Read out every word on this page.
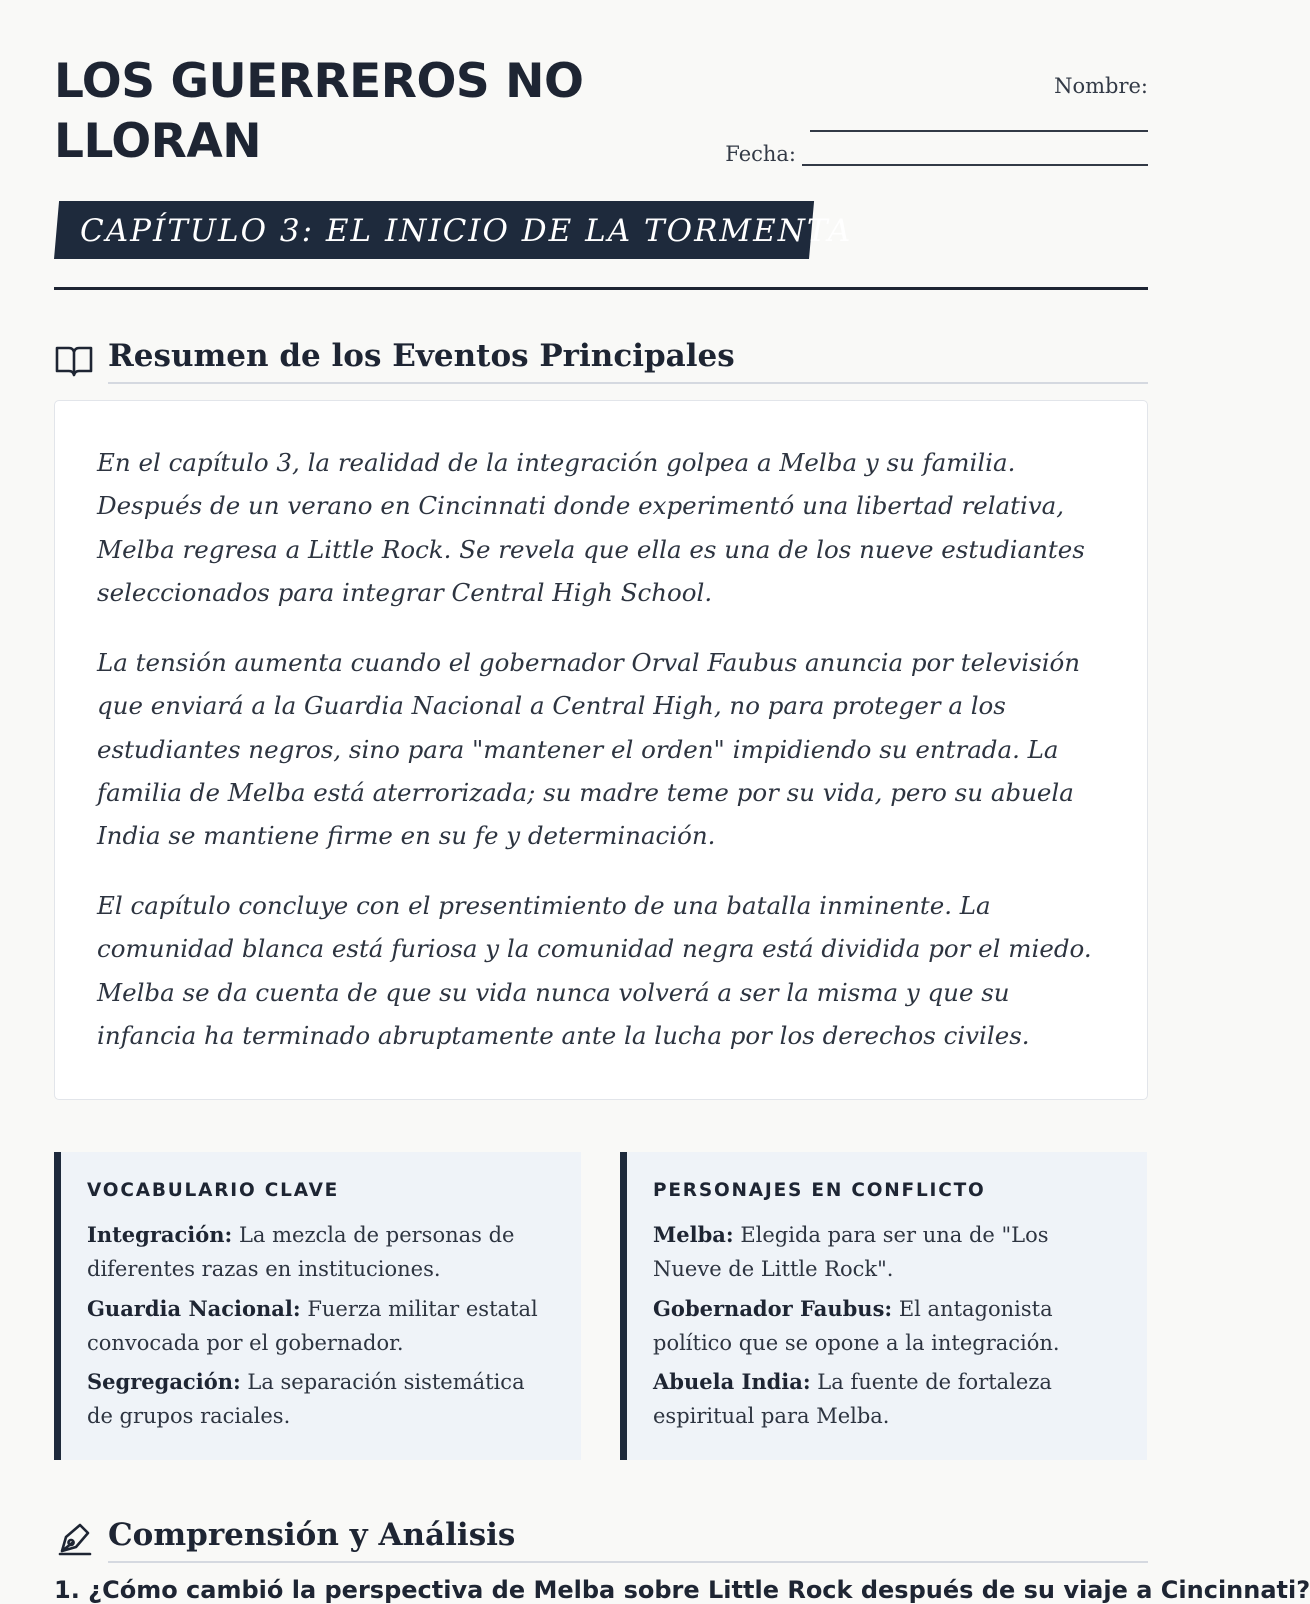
LOS GUERREROS NO LLORAN
Nombre:
Fecha:
CAPÍTULO 3: EL INICIO DE LA TORMENTA
Resumen de los Eventos Principales

En el capítulo 3, la realidad de la integración golpea a Melba y su familia. Después de un verano en Cincinnati donde experimentó una libertad relativa, Melba regresa a Little Rock. Se revela que ella es una de los nueve estudiantes seleccionados para integrar Central High School.

La tensión aumenta cuando el gobernador Orval Faubus anuncia por televisión que enviará a la Guardia Nacional a Central High, no para proteger a los estudiantes negros, sino para "mantener el orden" impidiendo su entrada. La familia de Melba está aterrorizada; su madre teme por su vida, pero su abuela India se mantiene firme en su fe y determinación.

El capítulo concluye con el presentimiento de una batalla inminente. La comunidad blanca está furiosa y la comunidad negra está dividida por el miedo. Melba se da cuenta de que su vida nunca volverá a ser la misma y que su infancia ha terminado abruptamente ante la lucha por los derechos civiles.

VOCABULARIO CLAVE
Integración: La mezcla de personas de diferentes razas en instituciones.
Guardia Nacional: Fuerza militar estatal convocada por el gobernador.
Segregación: La separación sistemática de grupos raciales.
PERSONAJES EN CONFLICTO
Melba: Elegida para ser una de "Los Nueve de Little Rock".
Gobernador Faubus: El antagonista político que se opone a la integración.
Abuela India: La fuente de fortaleza espiritual para Melba.
Comprensión y Análisis
1. ¿Cómo cambió la perspectiva de Melba sobre Little Rock después de su viaje a Cincinnati?
